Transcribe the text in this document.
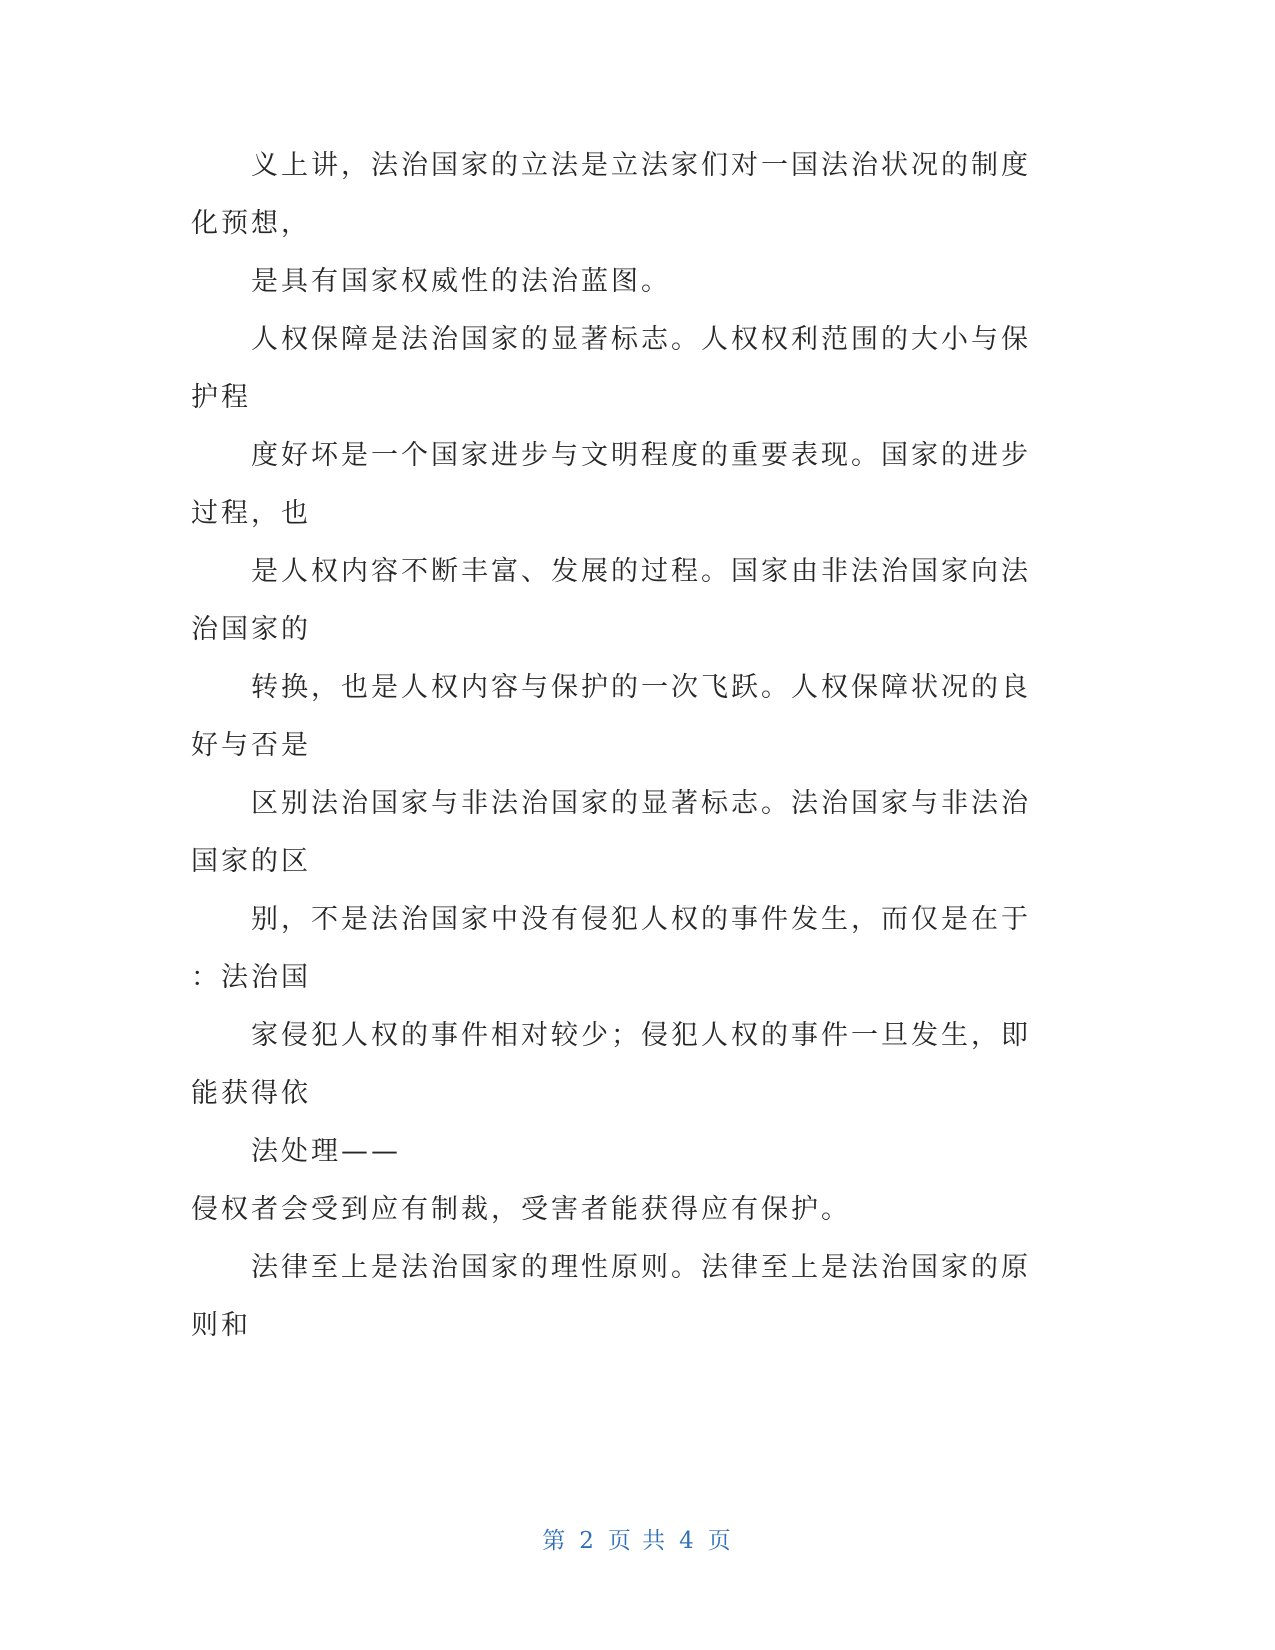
义上讲，法治国家的立法是立法家们对一国法治状况的制度

化预想，

是具有国家权威性的法治蓝图。

人权保障是法治国家的显著标志。人权权利范围的大小与保

护程

度好坏是一个国家进步与文明程度的重要表现。国家的进步

过程，也

是人权内容不断丰富、发展的过程。国家由非法治国家向法

治国家的

转换，也是人权内容与保护的一次飞跃。人权保障状况的良

好与否是

区别法治国家与非法治国家的显著标志。法治国家与非法治

国家的区

别，不是法治国家中没有侵犯人权的事件发生，而仅是在于

：法治国

家侵犯人权的事件相对较少；侵犯人权的事件一旦发生，即

能获得依

法处理——

侵权者会受到应有制裁，受害者能获得应有保护。

法律至上是法治国家的理性原则。法律至上是法治国家的原

则和

第 2 页 共 4 页
